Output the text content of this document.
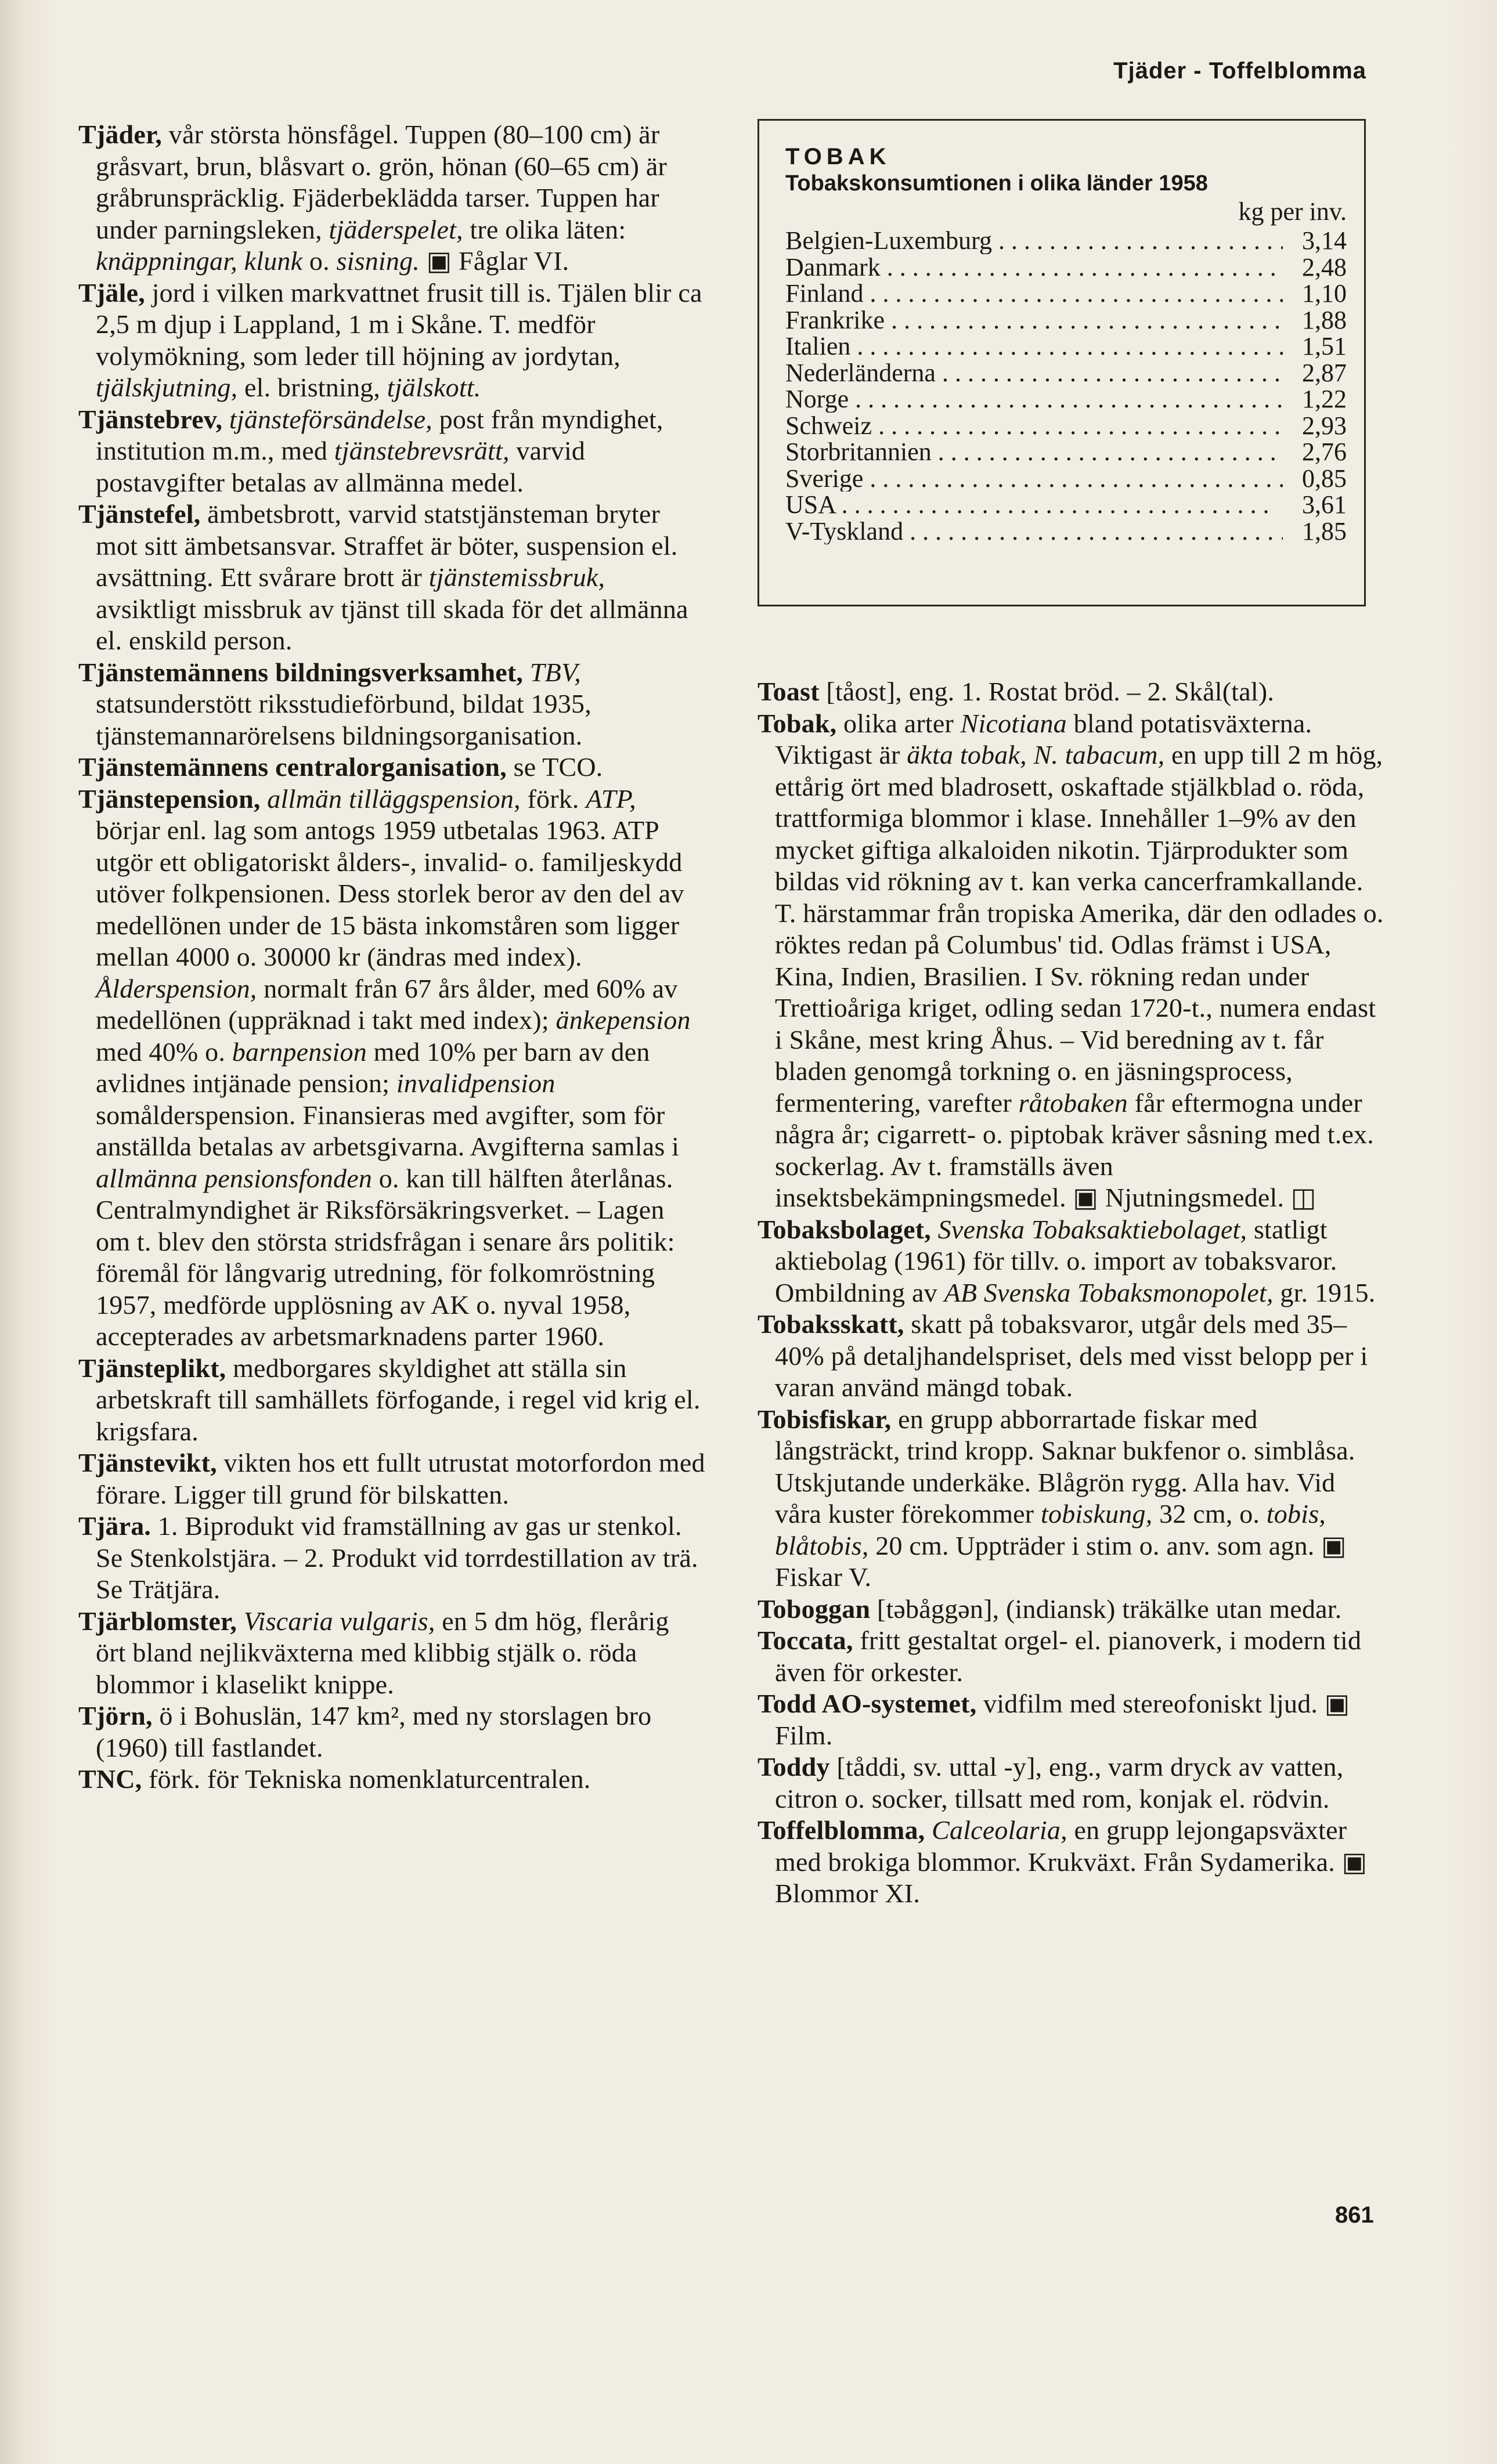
Tjäder - Toffelblomma

Tjäder, vår största hönsfågel. Tuppen (80–100 cm) är gråsvart, brun, blåsvart o. grön, hönan (60–65 cm) är gråbrunspräcklig. Fjäderbeklädda tarser. Tuppen har under parningsleken, tjäderspelet, tre olika läten: knäppningar, klunk o. sisning. ▣ Fåglar VI.

Tjäle, jord i vilken markvattnet frusit till is. Tjälen blir ca 2,5 m djup i Lappland, 1 m i Skåne. T. medför volymökning, som leder till höjning av jordytan, tjälskjutning, el. bristning, tjälskott.

Tjänstebrev, tjänsteförsändelse, post från myndighet, institution m.m., med tjänstebrevsrätt, varvid postavgifter betalas av allmänna medel.

Tjänstefel, ämbetsbrott, varvid statstjänsteman bryter mot sitt ämbetsansvar. Straffet är böter, suspension el. avsättning. Ett svårare brott är tjänstemissbruk, avsiktligt missbruk av tjänst till skada för det allmänna el. enskild person.

Tjänstemännens bildningsverksamhet, TBV, statsunderstött riksstudieförbund, bildat 1935, tjänstemannarörelsens bildningsorganisation.

Tjänstemännens centralorganisation, se TCO.

Tjänstepension, allmän tilläggspension, förk. ATP, börjar enl. lag som antogs 1959 utbetalas 1963. ATP utgör ett obligatoriskt ålders-, invalid- o. familjeskydd utöver folkpensionen. Dess storlek beror av den del av medellönen under de 15 bästa inkomståren som ligger mellan 4000 o. 30000 kr (ändras med index). Ålderspension, normalt från 67 års ålder, med 60% av medellönen (uppräknad i takt med index); änkepension med 40% o. barnpension med 10% per barn av den avlidnes intjänade pension; invalidpension somålderspension. Finansieras med avgifter, som för anställda betalas av arbetsgivarna. Avgifterna samlas i allmänna pensionsfonden o. kan till hälften återlånas. Centralmyndighet är Riksförsäkringsverket. – Lagen om t. blev den största stridsfrågan i senare års politik: föremål för långvarig utredning, för folkomröstning 1957, medförde upplösning av AK o. nyval 1958, accepterades av arbetsmarknadens parter 1960.

Tjänsteplikt, medborgares skyldighet att ställa sin arbetskraft till samhällets förfogande, i regel vid krig el. krigsfara.

Tjänstevikt, vikten hos ett fullt utrustat motorfordon med förare. Ligger till grund för bilskatten.

Tjära. 1. Biprodukt vid framställning av gas ur stenkol. Se Stenkolstjära. – 2. Produkt vid torrdestillation av trä. Se Trätjära.

Tjärblomster, Viscaria vulgaris, en 5 dm hög, flerårig ört bland nejlikväxterna med klibbig stjälk o. röda blommor i klaselikt knippe.

Tjörn, ö i Bohuslän, 147 km², med ny storslagen bro (1960) till fastlandet.

TNC, förk. för Tekniska nomenklaturcentralen.

TOBAK
Tobakskonsumtionen i olika länder 1958
kg per inv.
Belgien-Luxemburg . . .	3,14
Danmark . . .	2,48
Finland . . .	1,10
Frankrike . . .	1,88
Italien . . .	1,51
Nederländerna . . .	2,87
Norge . . .	1,22
Schweiz . . .	2,93
Storbritannien . . .	2,76
Sverige . . .	0,85
USA . . .	3,61
V-Tyskland . . .	1,85

Toast [tåost], eng. 1. Rostat bröd. – 2. Skål(tal).

Tobak, olika arter Nicotiana bland potatisväxterna. Viktigast är äkta tobak, N. tabacum, en upp till 2 m hög, ettårig ört med bladrosett, oskaftade stjälkblad o. röda, trattformiga blommor i klase. Innehåller 1–9% av den mycket giftiga alkaloiden nikotin. Tjärprodukter som bildas vid rökning av t. kan verka cancerframkallande. T. härstammar från tropiska Amerika, där den odlades o. röktes redan på Columbus' tid. Odlas främst i USA, Kina, Indien, Brasilien. I Sv. rökning redan under Trettioåriga kriget, odling sedan 1720-t., numera endast i Skåne, mest kring Åhus. – Vid beredning av t. får bladen genomgå torkning o. en jäsningsprocess, fermentering, varefter råtobaken får eftermogna under några år; cigarrett- o. piptobak kräver såsning med t.ex. sockerlag. Av t. framställs även insektsbekämpningsmedel. ▣ Njutningsmedel. ◫

Tobaksbolaget, Svenska Tobaksaktiebolaget, statligt aktiebolag (1961) för tillv. o. import av tobaksvaror. Ombildning av AB Svenska Tobaksmonopolet, gr. 1915.

Tobaksskatt, skatt på tobaksvaror, utgår dels med 35–40% på detaljhandelspriset, dels med visst belopp per i varan använd mängd tobak.

Tobisfiskar, en grupp abborrartade fiskar med långsträckt, trind kropp. Saknar bukfenor o. simblåsa. Utskjutande underkäke. Blågrön rygg. Alla hav. Vid våra kuster förekommer tobiskung, 32 cm, o. tobis, blåtobis, 20 cm. Uppträder i stim o. anv. som agn. ▣ Fiskar V.

Toboggan [təbåggən], (indiansk) träkälke utan medar.

Toccata, fritt gestaltat orgel- el. pianoverk, i modern tid även för orkester.

Todd AO-systemet, vidfilm med stereofoniskt ljud. ▣ Film.

Toddy [tåddi, sv. uttal -y], eng., varm dryck av vatten, citron o. socker, tillsatt med rom, konjak el. rödvin.

Toffelblomma, Calceolaria, en grupp lejongapsväxter med brokiga blommor. Krukväxt. Från Sydamerika. ▣ Blommor XI.

861
